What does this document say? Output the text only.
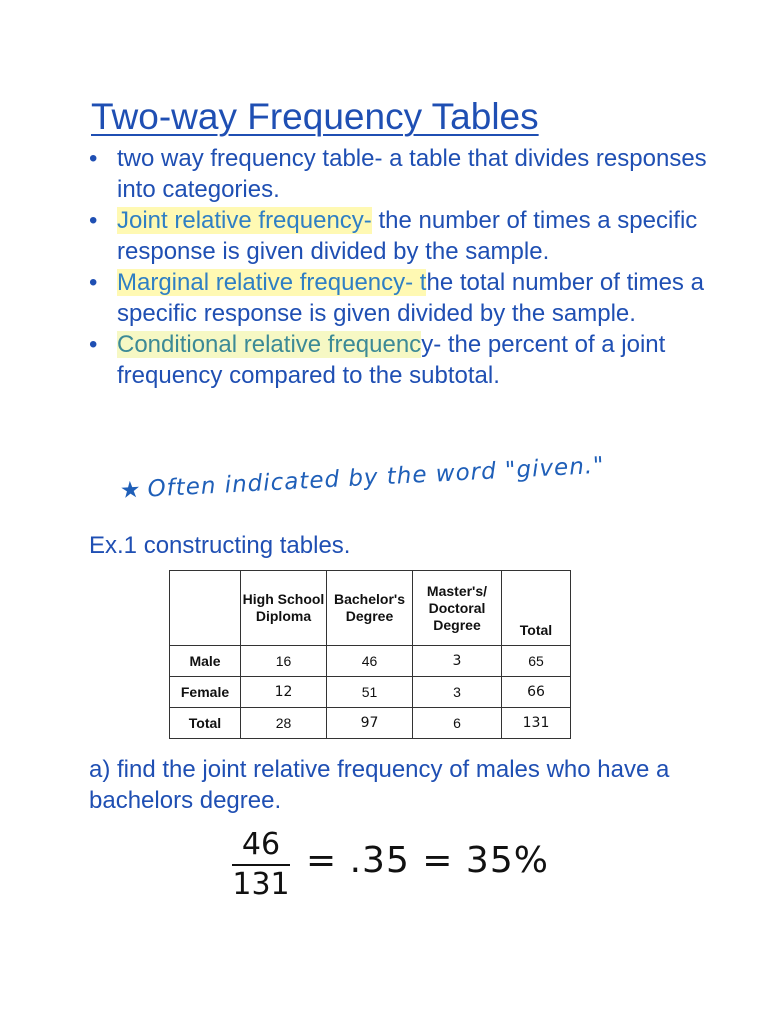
Two-way Frequency Tables
• two way frequency table- a table that divides responses into categories.
• Joint relative frequency- the number of times a specific response is given divided by the sample.
• Marginal relative frequency- the total number of times a specific response is given divided by the sample.
• Conditional relative frequency- the percent of a joint frequency compared to the subtotal.
★ Often indicated by the word "given."
Ex.1 constructing tables.
	High School Diploma	Bachelor's Degree	Master's/ Doctoral Degree	Total
Male	16	46	3	65
Female	12	51	3	66
Total	28	97	6	131
a) find the joint relative frequency of males who have a bachelors degree.
46
131
= .35 = 35%
